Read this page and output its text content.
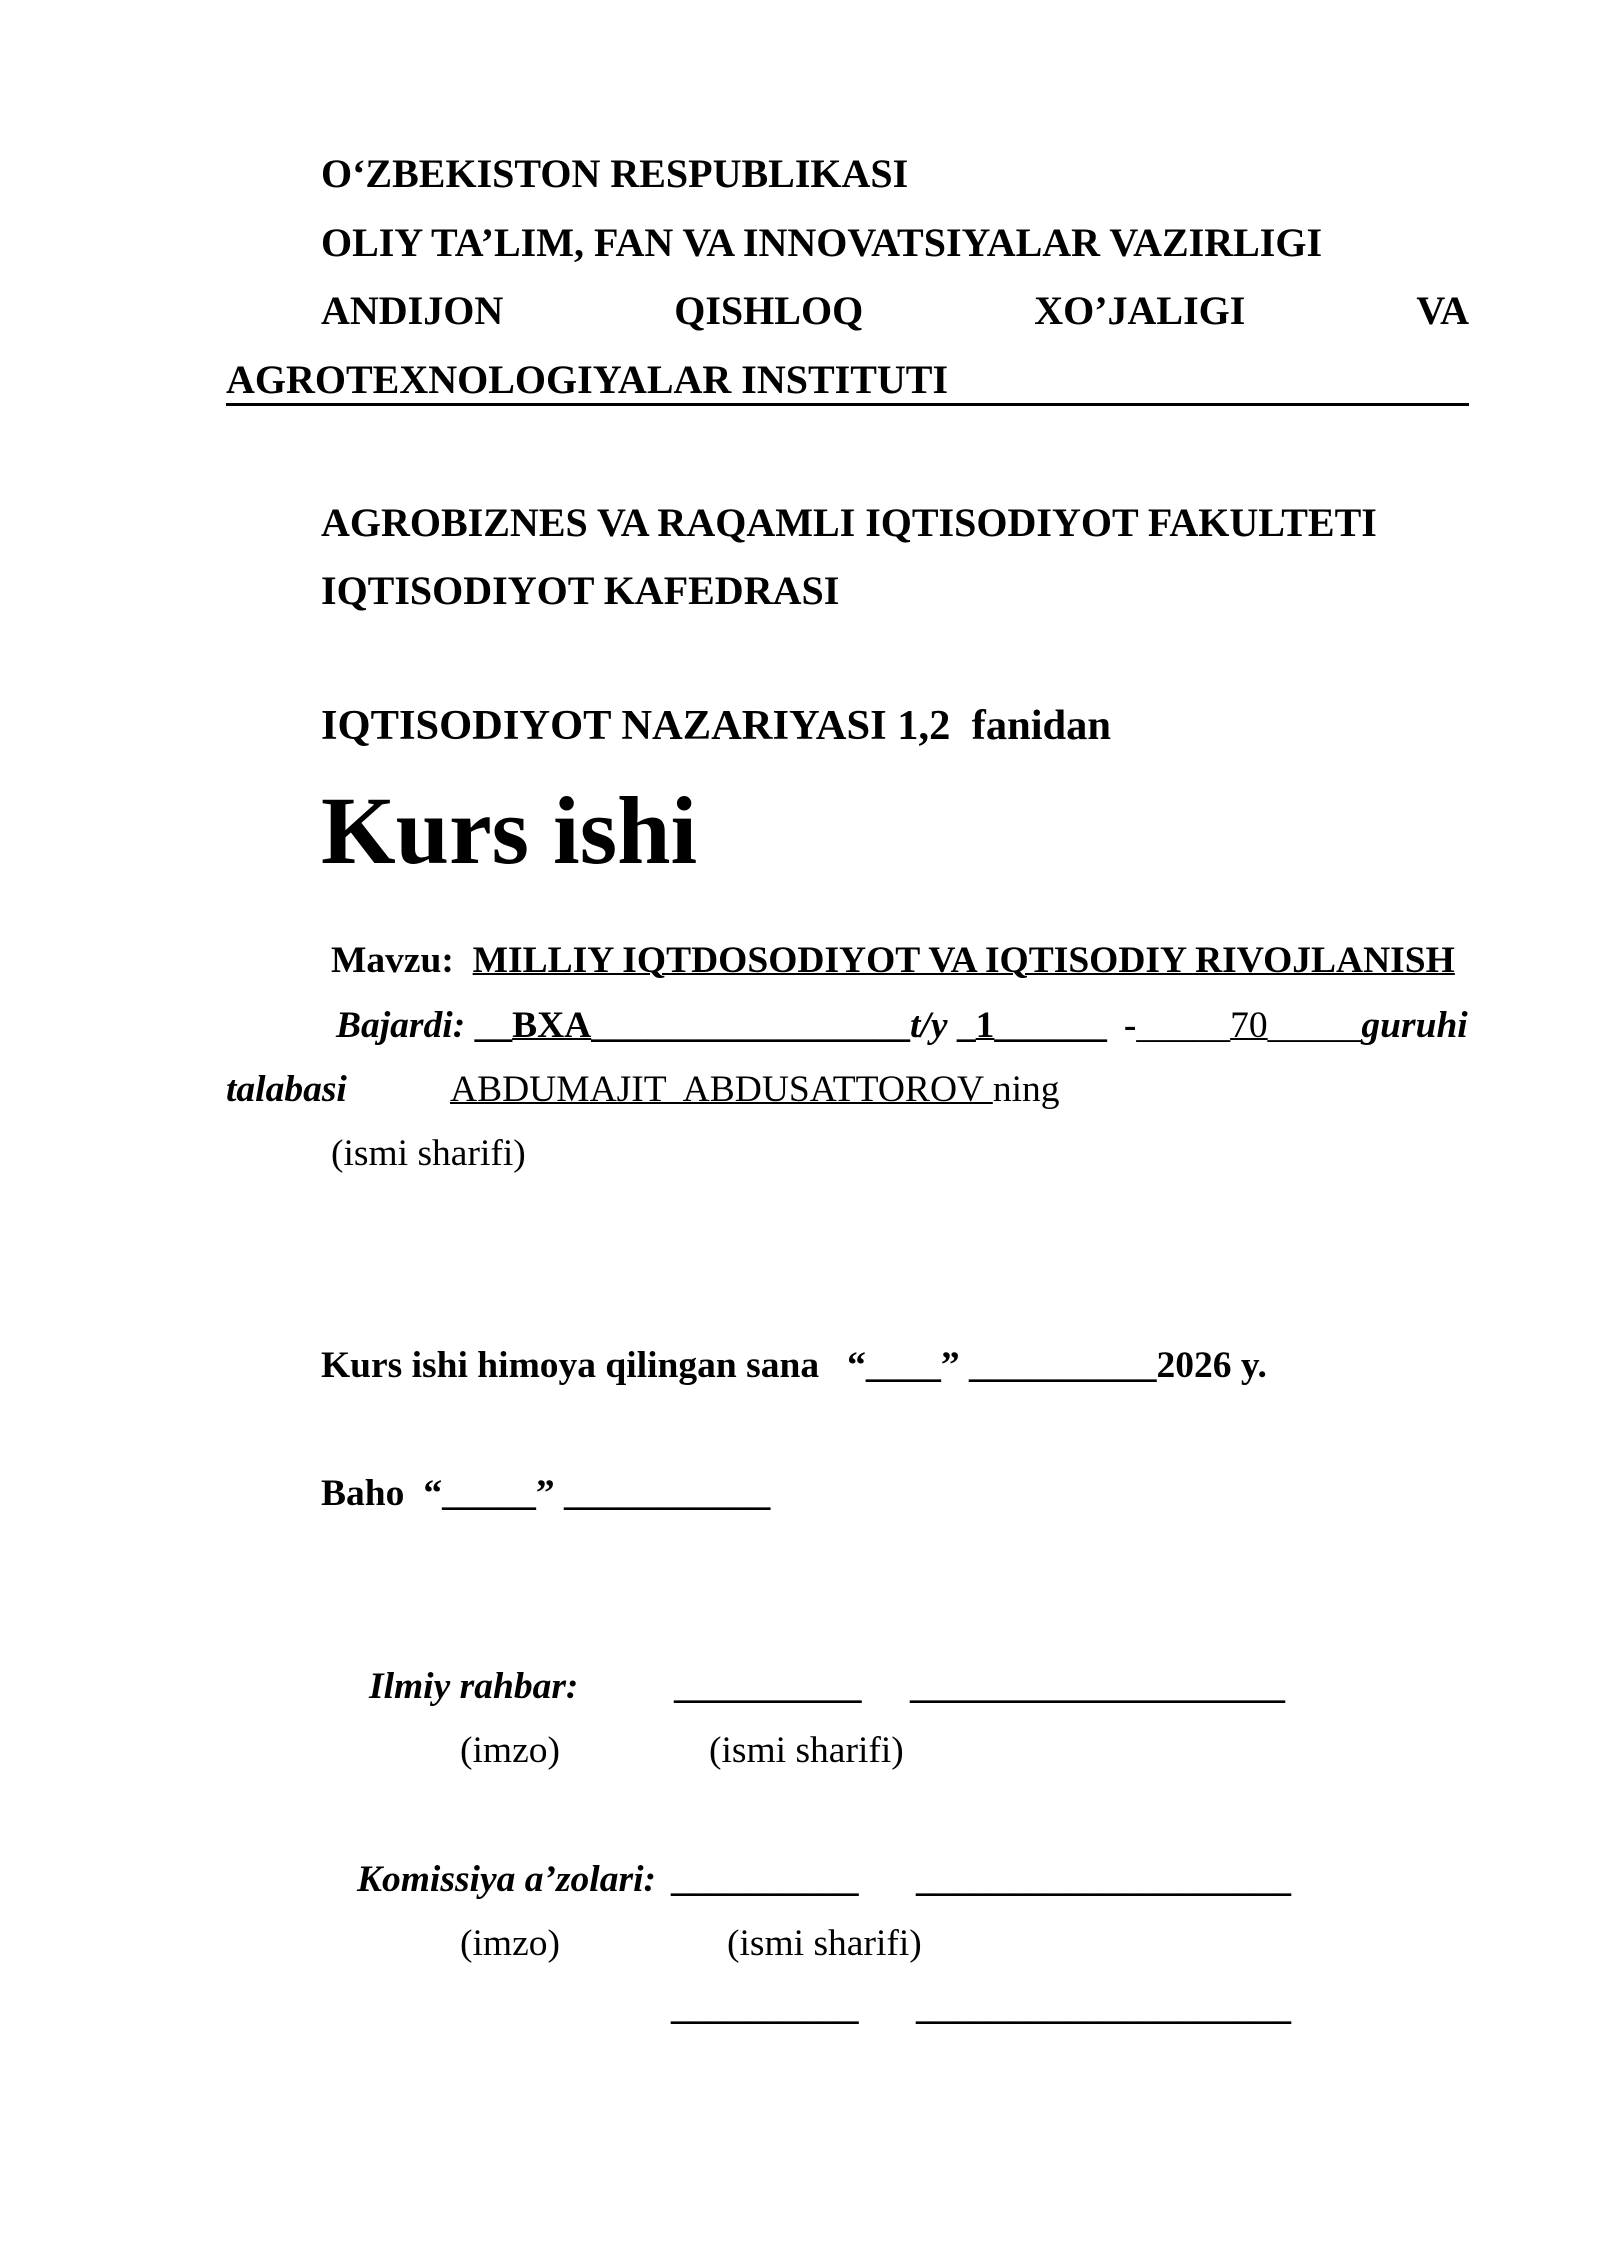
O‘ZBEKISTON RESPUBLIKASI
OLIY TA’LIM, FAN VA INNOVATSIYALAR VAZIRLIGI
ANDIJON	QISHLOQ	XO’JALIGI	VA
AGROTEXNOLOGIYALAR INSTITUTI
AGROBIZNES VA RAQAMLI IQTISODIYOT FAKULTETI
IQTISODIYOT KAFEDRASI
IQTISODIYOT NAZARIYASI 1,2  fanidan
Kurs ishi
Mavzu: MILLIY IQTDOSODIYOT VA IQTISODIY RIVOJLANISH
Bajardi: __ BXA _________________ t/y _ 1 ______ - _____ 70 _____ guruhi
talabasi	ABDUMAJIT  ABDUSATTOROV ning
(ismi sharifi)
Kurs ishi himoya qilingan sana “____” __________ 2026 y.
Baho “_____” ___________
Ilmiy rahbar:	__________ ____________________
(imzo)	(ismi sharifi)
Komissiya a’zolari: __________ ____________________
(imzo)	(ismi sharifi)
__________ ____________________
